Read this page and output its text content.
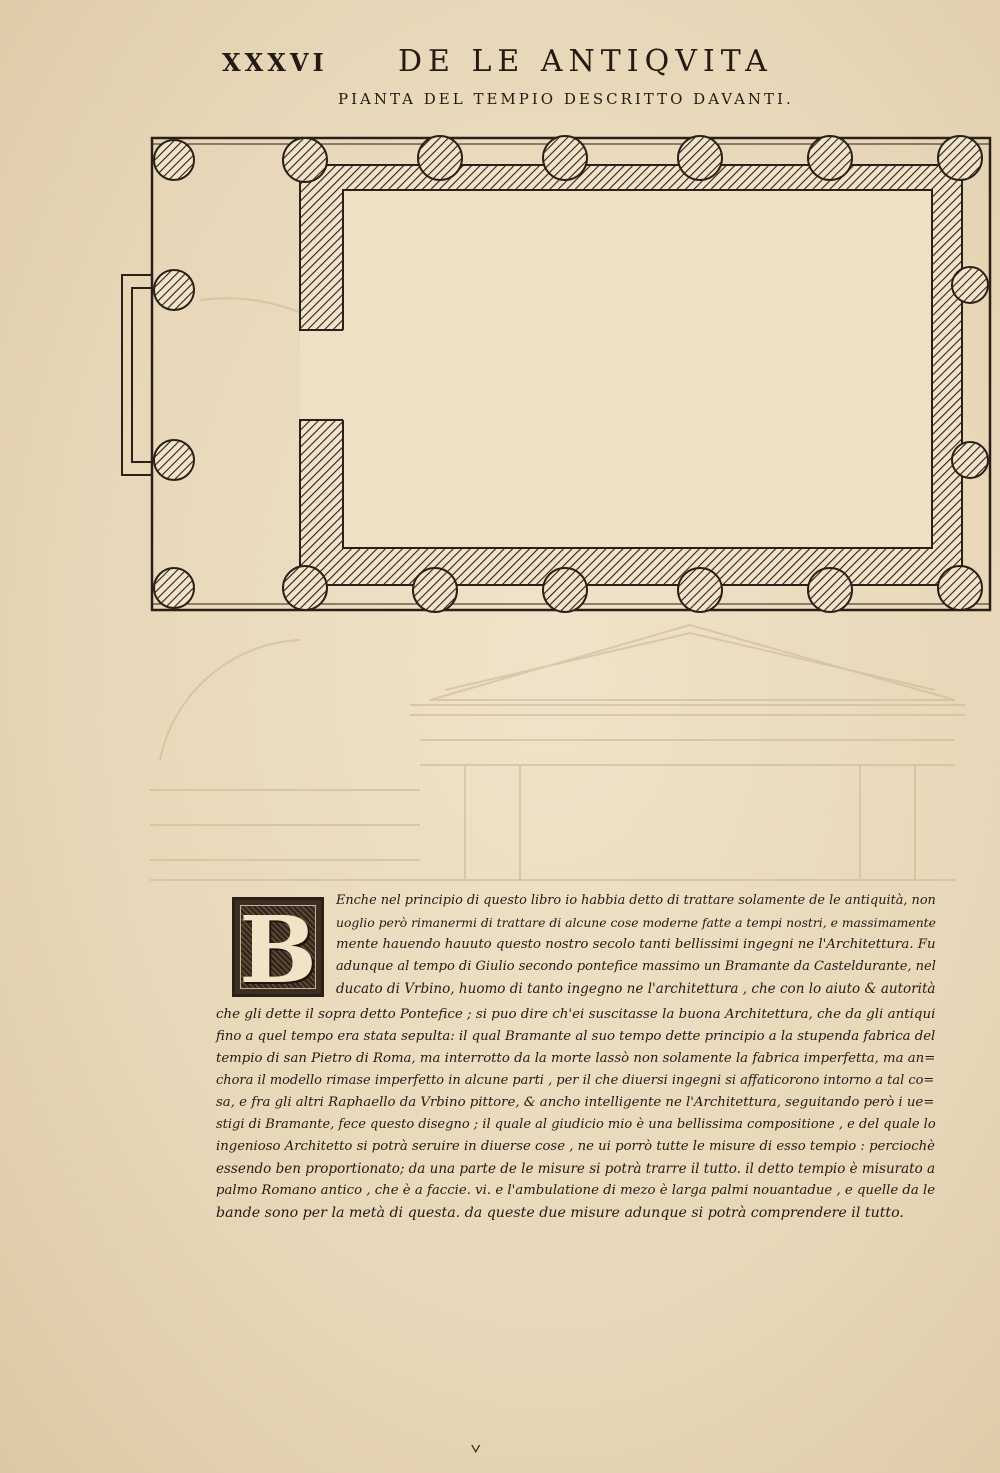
XXXVI DE LE ANTIQVITA
PIANTA DEL TEMPIO DESCRITTO DAVANTI.
B	Enche nel principio di questo libro io habbia detto di trattare solamente de le antiquità, non
uoglio però rimanermi di trattare di alcune cose moderne fatte a tempi nostri, e massimamente
mente hauendo hauuto questo nostro secolo tanti bellissimi ingegni ne l'Architettura. Fu
adunque al tempo di Giulio secondo pontefice massimo un Bramante da Casteldurante, nel
ducato di Vrbino, huomo di tanto ingegno ne l'architettura , che con lo aiuto & autorità
che gli dette il sopra detto Pontefice ; si puo dire ch'ei suscitasse la buona Architettura, che da gli antiqui
fino a quel tempo era stata sepulta: il qual Bramante al suo tempo dette principio a la stupenda fabrica del
tempio di san Pietro di Roma, ma interrotto da la morte lassò non solamente la fabrica imperfetta, ma an=
chora il modello rimase imperfetto in alcune parti , per il che diuersi ingegni si affaticorono intorno a tal co=
sa, e fra gli altri Raphaello da Vrbino pittore, & ancho intelligente ne l'Architettura, seguitando però i ue=
stigi di Bramante, fece questo disegno ; il quale al giudicio mio è una bellissima compositione , e del quale lo
ingenioso Architetto si potrà seruire in diuerse cose , ne ui porrò tutte le misure di esso tempio : perciochè
essendo ben proportionato; da una parte de le misure si potrà trarre il tutto. il detto tempio è misurato a
palmo Romano antico , che è a faccie. vi. e l'ambulatione di mezo è larga palmi nouantadue , e quelle da le
bande sono per la metà di questa. da queste due misure adunque si potrà comprendere il tutto.
ᘁ
